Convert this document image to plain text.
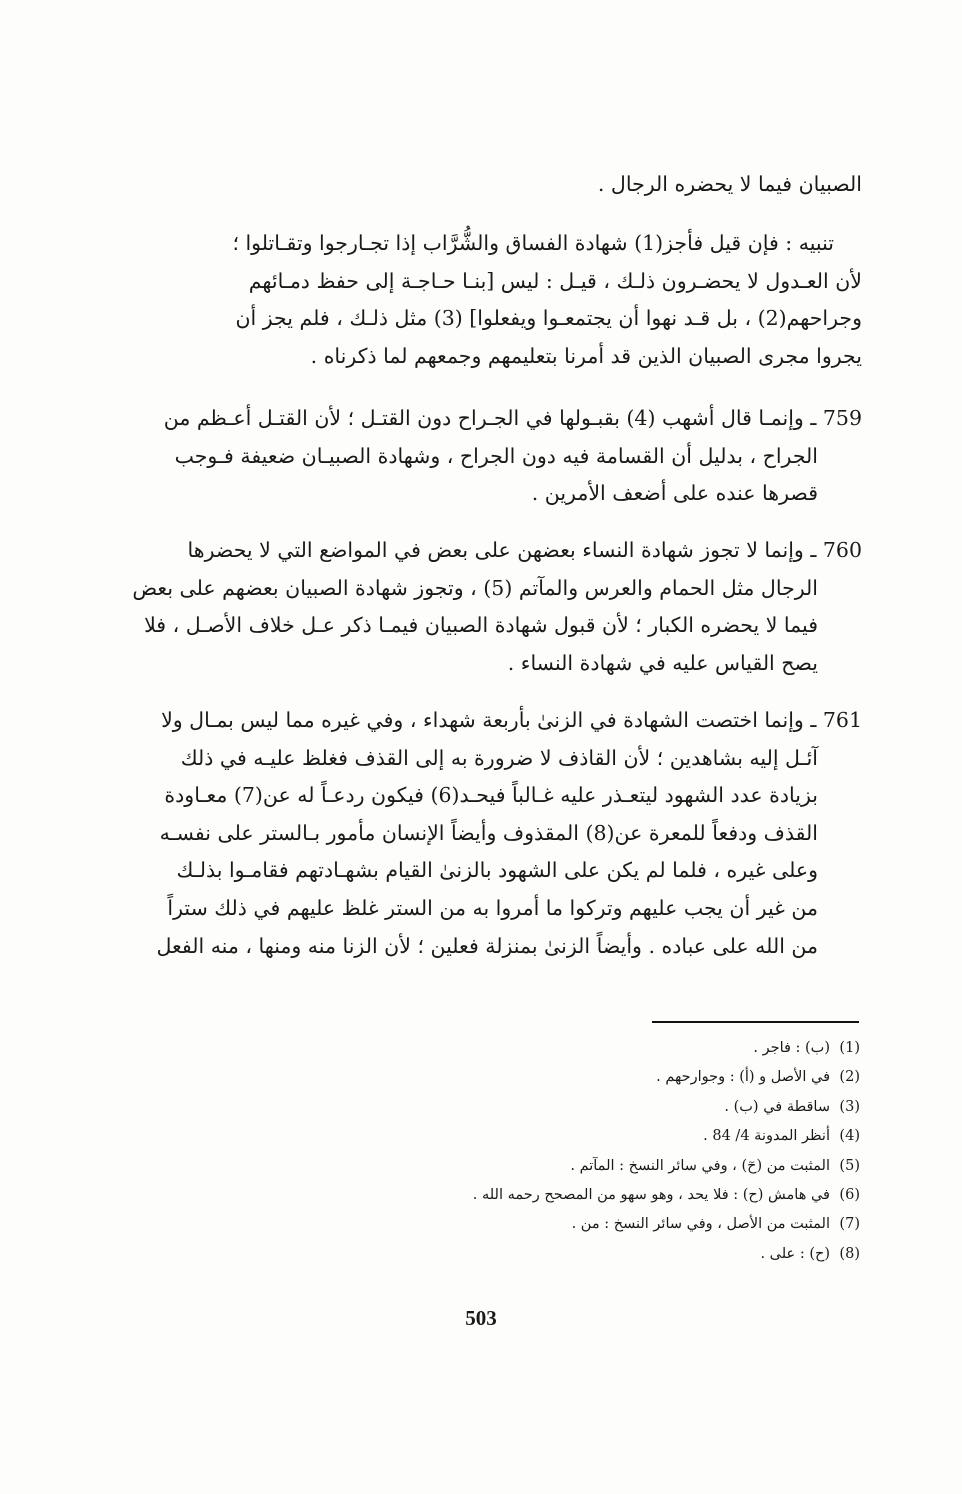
الصبيان فيما لا يحضره الرجال .
تنبيه : فإن قيل فأجز(1) شهادة الفساق والشُّرَّاب إذا تجـارجوا وتقـاتلوا ؛
لأن العـدول لا يحضـرون ذلـك ، قيـل : ليس [بنـا حـاجـة إلى حفظ دمـائهم
وجراحهم(2) ، بل قـد نهوا أن يجتمعـوا ويفعلوا] (3) مثل ذلـك ، فلم يجز أن
يجروا مجرى الصبيان الذين قد أمرنا بتعليمهم وجمعهم لما ذكرناه .
759 ـ وإنمـا قال أشهب (4) بقبـولها في الجـراح دون القتـل ؛ لأن القتـل أعـظم من
الجراح ، بدليل أن القسامة فيه دون الجراح ، وشهادة الصبيـان ضعيفة فـوجب
قصرها عنده على أضعف الأمرين .
760 ـ وإنما لا تجوز شهادة النساء بعضهن على بعض في المواضع التي لا يحضرها
الرجال مثل الحمام والعرس والمآتم (5) ، وتجوز شهادة الصبيان بعضهم على بعض
فيما لا يحضره الكبار ؛ لأن قبول شهادة الصبيان فيمـا ذكر عـل خلاف الأصـل ، فلا
يصح القياس عليه في شهادة النساء .
761 ـ وإنما اختصت الشهادة في الزنىٰ بأربعة شهداء ، وفي غيره مما ليس بمـال ولا
آئـل إليه بشاهدين ؛ لأن القاذف لا ضرورة به إلى القذف فغلظ عليـه في ذلك
بزيادة عدد الشهود ليتعـذر عليه غـالباً فيحـد(6) فيكون ردعـاً له عن(7) معـاودة
القذف ودفعاً للمعرة عن(8) المقذوف وأيضاً الإنسان مأمور بـالستر على نفسـه
وعلى غيره ، فلما لم يكن على الشهود بالزنىٰ القيام بشهـادتهم فقامـوا بذلـك
من غير أن يجب عليهم وتركوا ما أمروا به من الستر غلظ عليهم في ذلك ستراً
من الله على عباده . وأيضاً الزنىٰ بمنزلة فعلين ؛ لأن الزنا منه ومنها ، منه الفعل
(1)(ب) : فاجر .
(2)في الأصل و (أ) : وجوارحهم .
(3)ساقطة في (ب) .
(4)أنظر المدونة 4/ 84 .
(5)المثبت من (حٓ) ، وفي سائر النسخ : المآتم .
(6)في هامش (ح) : فلا يحد ، وهو سهو من المصحح رحمه الله .
(7)المثبت من الأصل ، وفي سائر النسخ : من .
(8)(ح) : على .
503
